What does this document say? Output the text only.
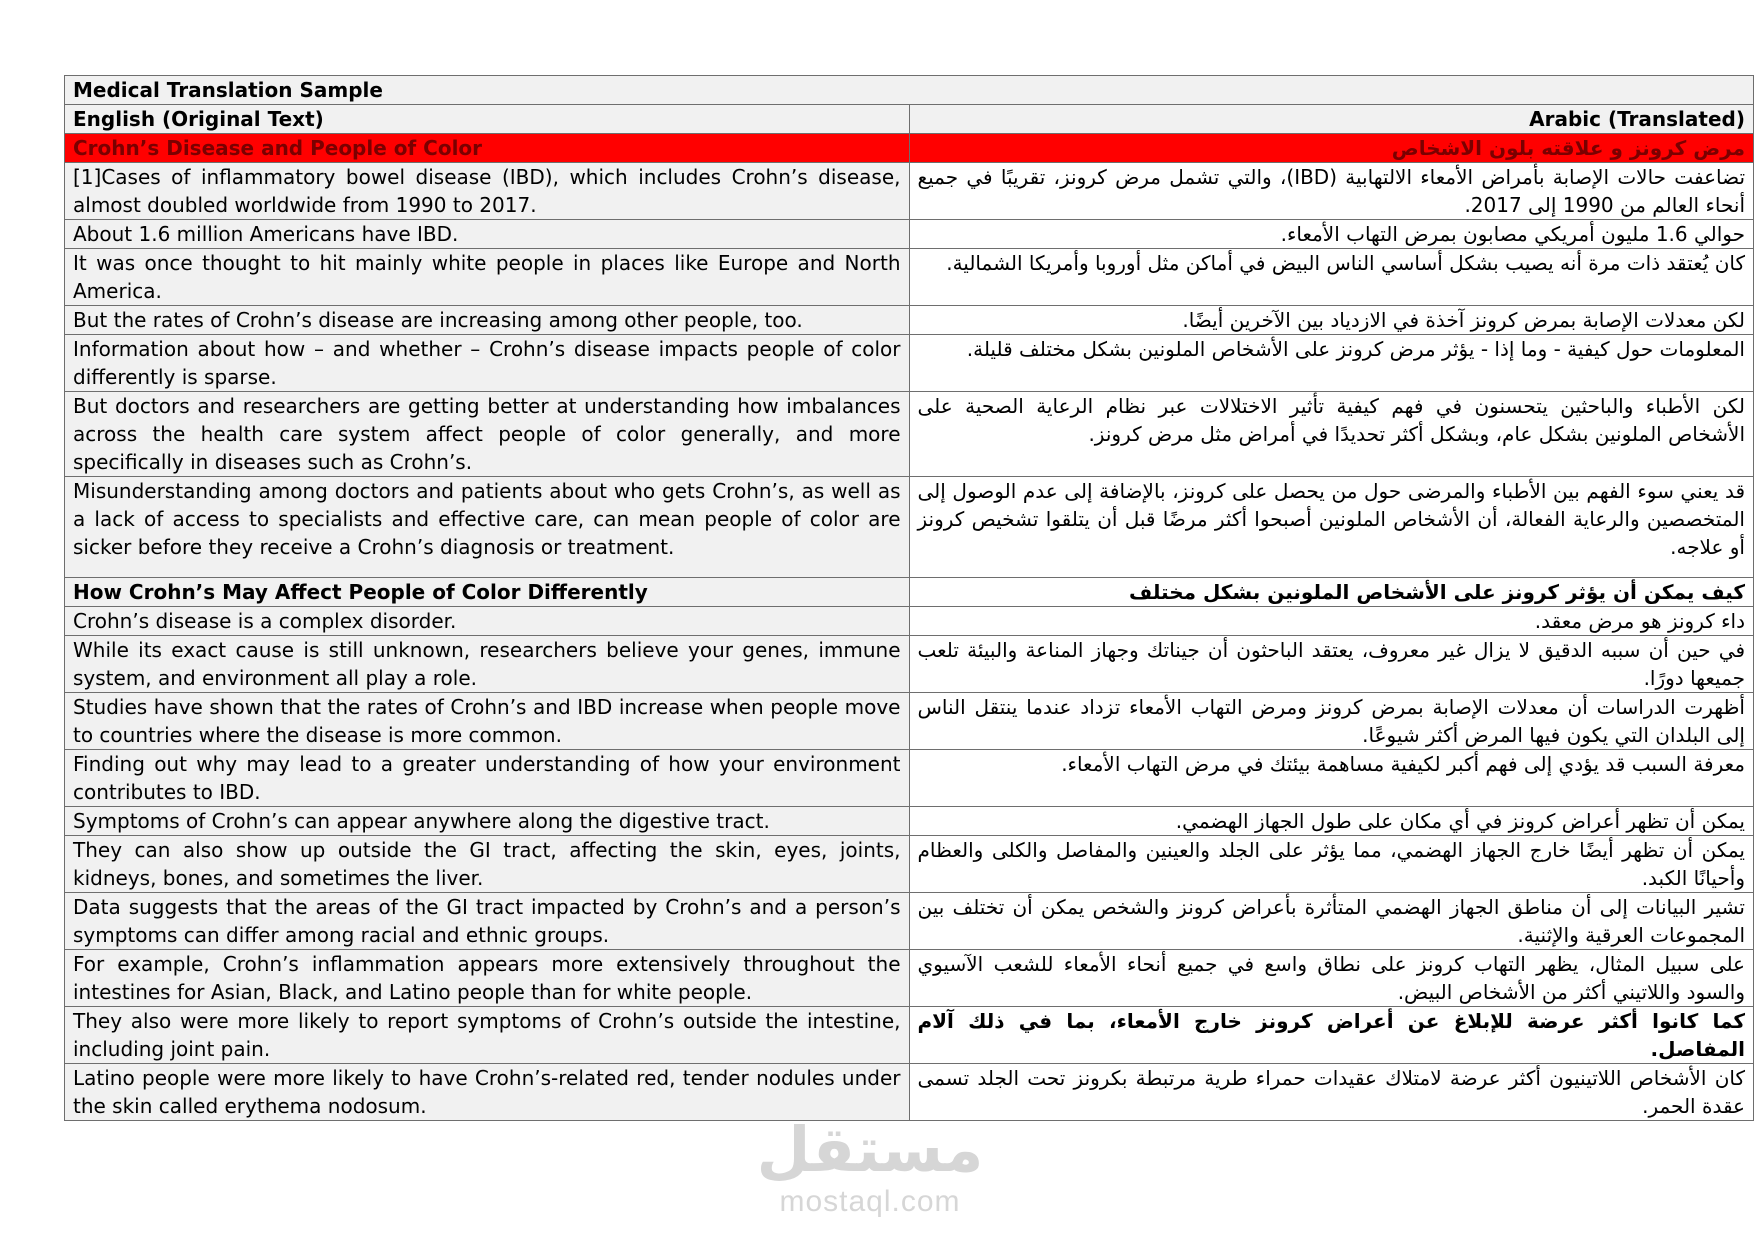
Medical Translation Sample	
English (Original Text)	Arabic (Translated)
Crohn’s Disease and People of Color	مرض كرونز و علاقته بلون الاشخاص
[1]Cases of inflammatory bowel disease (IBD), which includes Crohn’s disease, almost doubled worldwide from 1990 to 2017.	تضاعفت حالات الإصابة بأمراض الأمعاء الالتهابية (IBD)، والتي تشمل مرض كرونز، تقريبًا في جميع أنحاء العالم من 1990 إلى 2017.
About 1.6 million Americans have IBD.	حوالي 1.6 مليون أمريكي مصابون بمرض التهاب الأمعاء.
It was once thought to hit mainly white people in places like Europe and North America.	كان يُعتقد ذات مرة أنه يصيب بشكل أساسي الناس البيض في أماكن مثل أوروبا وأمريكا الشمالية.
But the rates of Crohn’s disease are increasing among other people, too.	لكن معدلات الإصابة بمرض كرونز آخذة في الازدياد بين الآخرين أيضًا.
Information about how – and whether – Crohn’s disease impacts people of color differently is sparse.	المعلومات حول كيفية - وما إذا - يؤثر مرض كرونز على الأشخاص الملونين بشكل مختلف قليلة.
But doctors and researchers are getting better at understanding how imbalances across the health care system affect people of color generally, and more specifically in diseases such as Crohn’s.	لكن الأطباء والباحثين يتحسنون في فهم كيفية تأثير الاختلالات عبر نظام الرعاية الصحية على الأشخاص الملونين بشكل عام، وبشكل أكثر تحديدًا في أمراض مثل مرض كرونز.
Misunderstanding among doctors and patients about who gets Crohn’s, as well as a lack of access to specialists and effective care, can mean people of color are sicker before they receive a Crohn’s diagnosis or treatment.	قد يعني سوء الفهم بين الأطباء والمرضى حول من يحصل على كرونز، بالإضافة إلى عدم الوصول إلى المتخصصين والرعاية الفعالة، أن الأشخاص الملونين أصبحوا أكثر مرضًا قبل أن يتلقوا تشخيص كرونز أو علاجه.
How Crohn’s May Affect People of Color Differently	كيف يمكن أن يؤثر كرونز على الأشخاص الملونين بشكل مختلف
Crohn’s disease is a complex disorder.	داء كرونز هو مرض معقد.
While its exact cause is still unknown, researchers believe your genes, immune system, and environment all play a role.	في حين أن سببه الدقيق لا يزال غير معروف، يعتقد الباحثون أن جيناتك وجهاز المناعة والبيئة تلعب جميعها دورًا.
Studies have shown that the rates of Crohn’s and IBD increase when people move to countries where the disease is more common.	أظهرت الدراسات أن معدلات الإصابة بمرض كرونز ومرض التهاب الأمعاء تزداد عندما ينتقل الناس إلى البلدان التي يكون فيها المرض أكثر شيوعًا.
Finding out why may lead to a greater understanding of how your environment contributes to IBD.	معرفة السبب قد يؤدي إلى فهم أكبر لكيفية مساهمة بيئتك في مرض التهاب الأمعاء.
Symptoms of Crohn’s can appear anywhere along the digestive tract.	يمكن أن تظهر أعراض كرونز في أي مكان على طول الجهاز الهضمي.
They can also show up outside the GI tract, affecting the skin, eyes, joints, kidneys, bones, and sometimes the liver.	يمكن أن تظهر أيضًا خارج الجهاز الهضمي، مما يؤثر على الجلد والعينين والمفاصل والكلى والعظام وأحيانًا الكبد.
Data suggests that the areas of the GI tract impacted by Crohn’s and a person’s symptoms can differ among racial and ethnic groups.	تشير البيانات إلى أن مناطق الجهاز الهضمي المتأثرة بأعراض كرونز والشخص يمكن أن تختلف بين المجموعات العرقية والإثنية.
For example, Crohn’s inflammation appears more extensively throughout the intestines for Asian, Black, and Latino people than for white people.	على سبيل المثال، يظهر التهاب كرونز على نطاق واسع في جميع أنحاء الأمعاء للشعب الآسيوي والسود واللاتيني أكثر من الأشخاص البيض.
They also were more likely to report symptoms of Crohn’s outside the intestine, including joint pain.	كما كانوا أكثر عرضة للإبلاغ عن أعراض كرونز خارج الأمعاء، بما في ذلك آلام المفاصل.
Latino people were more likely to have Crohn’s-related red, tender nodules under the skin called erythema nodosum.	كان الأشخاص اللاتينيون أكثر عرضة لامتلاك عقيدات حمراء طرية مرتبطة بكرونز تحت الجلد تسمى عقدة الحمر.
مستقل
mostaql.com
